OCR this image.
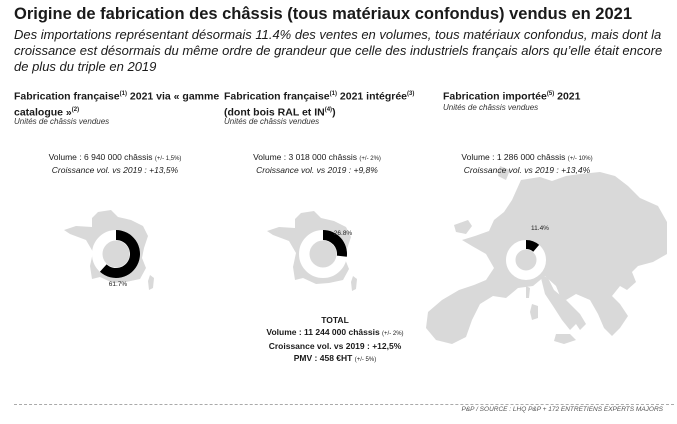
Origine de fabrication des châssis (tous matériaux confondus) vendus en 2021
Des importations représentant désormais 11.4% des ventes en volumes, tous matériaux confondus, mais dont la croissance est désormais du même ordre de grandeur que celle des industriels français alors qu’elle était encore de plus du triple en 2019
Fabrication française$^{(1)}$ 2021 via « gamme catalogue »$^{(2)}$
Unités de châssis vendues
Fabrication française$^{(1)}$ 2021 intégrée$^{(3)}$
(dont bois RAL et IN$^{(4)}$)
Unités de châssis vendues
Fabrication importée$^{(5)}$ 2021
Unités de châssis vendues
61.7%
26.8%
11.4%
Volume : 6 940 000 châssis (+/- 1,5%)
Croissance vol. vs 2019 : +13,5%
Volume : 3 018 000 châssis (+/- 2%)
Croissance vol. vs 2019 : +9,8%
Volume : 1 286 000 châssis (+/- 10%)
Croissance vol. vs 2019 : +13,4%
TOTAL
Volume : 11 244 000 châssis (+/- 2%)
Croissance vol. vs 2019 : +12,5%
PMV : 458 €HT (+/- 5%)
P&P / SOURCE : LHQ P&P + 172 ENTRETIENS EXPERTS MAJORS
